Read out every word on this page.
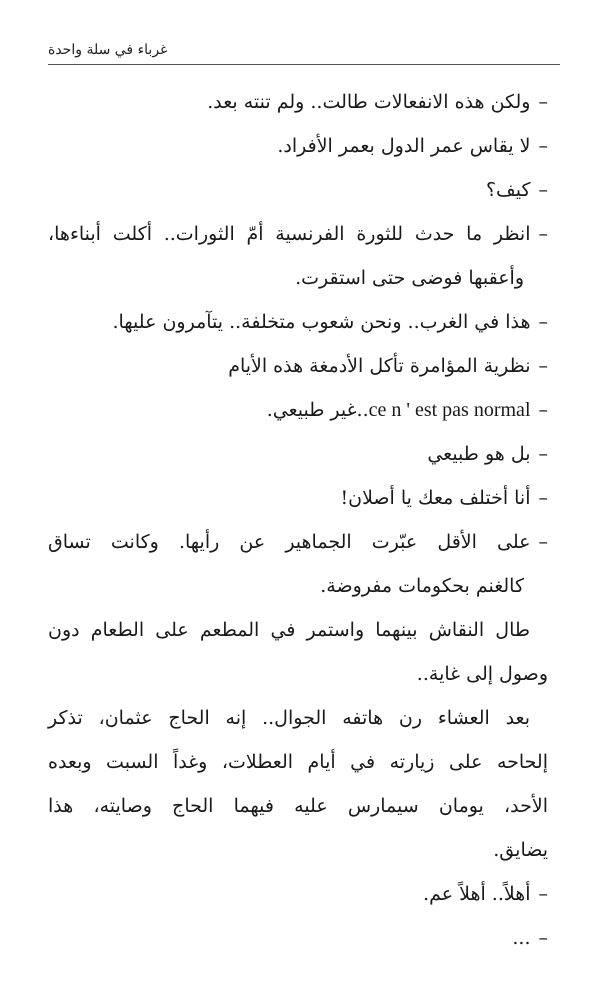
غرباء في سلة واحدة
–ولكن هذه الانفعالات طالت.. ولم تنته بعد.
–لا يقاس عمر الدول بعمر الأفراد.
–كيف؟
–انظر ما حدث للثورة الفرنسية أمّ الثورات.. أكلت أبناءها،
وأعقبها فوضى حتى استقرت.
–هذا في الغرب.. ونحن شعوب متخلفة.. يتآمرون عليها.
–نظرية المؤامرة تأكل الأدمغة هذه الأيام
–ce n ' est pas normal..غير طبيعي.
–بل هو طبيعي
–أنا أختلف معك يا أصلان!
–على الأقل عبّرت الجماهير عن رأيها. وكانت تساق
كالغنم بحكومات مفروضة.
طال النقاش بينهما واستمر في المطعم على الطعام دون
وصول إلى غاية..
بعد العشاء رن هاتفه الجوال.. إنه الحاج عثمان، تذكر
إلحاحه على زيارته في أيام العطلات، وغداً السبت وبعده
الأحد، يومان سيمارس عليه فيهما الحاج وصايته، هذا
يضايق.
–أهلاً.. أهلاً عم.
–...
